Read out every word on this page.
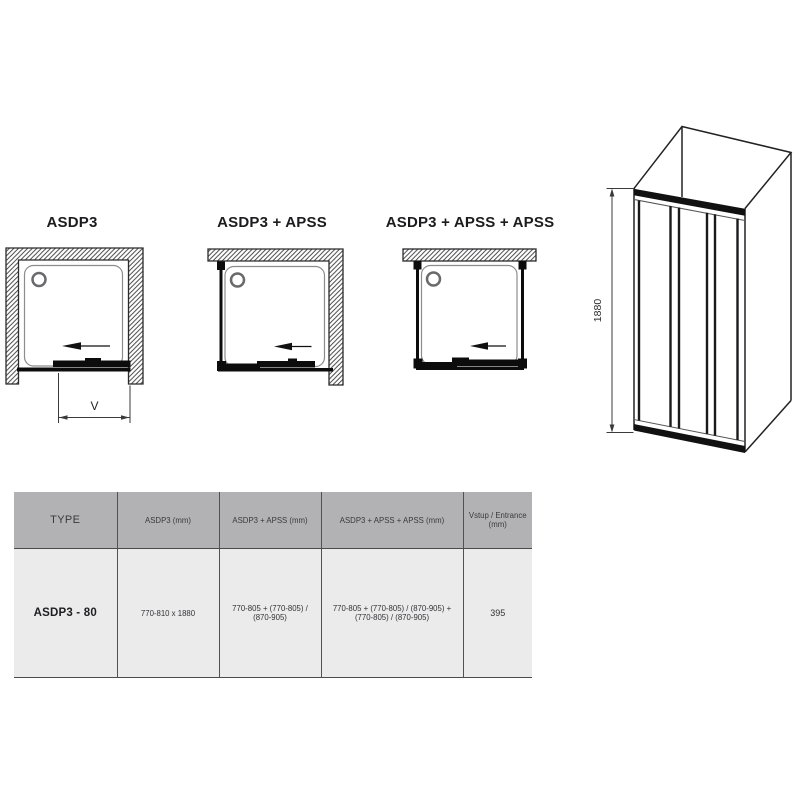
ASDP3	ASDP3 + APSS	ASDP3 + APSS + APSS
V
1880
TYPE	ASDP3 (mm)	ASDP3 + APSS (mm)	ASDP3 + APSS + APSS (mm)	Vstup / Entrance (mm)
ASDP3 - 80	770-810 x 1880	770-805 + (770-805) / (870-905)	770-805 + (770-805) / (870-905) + (770-805) / (870-905)	395
